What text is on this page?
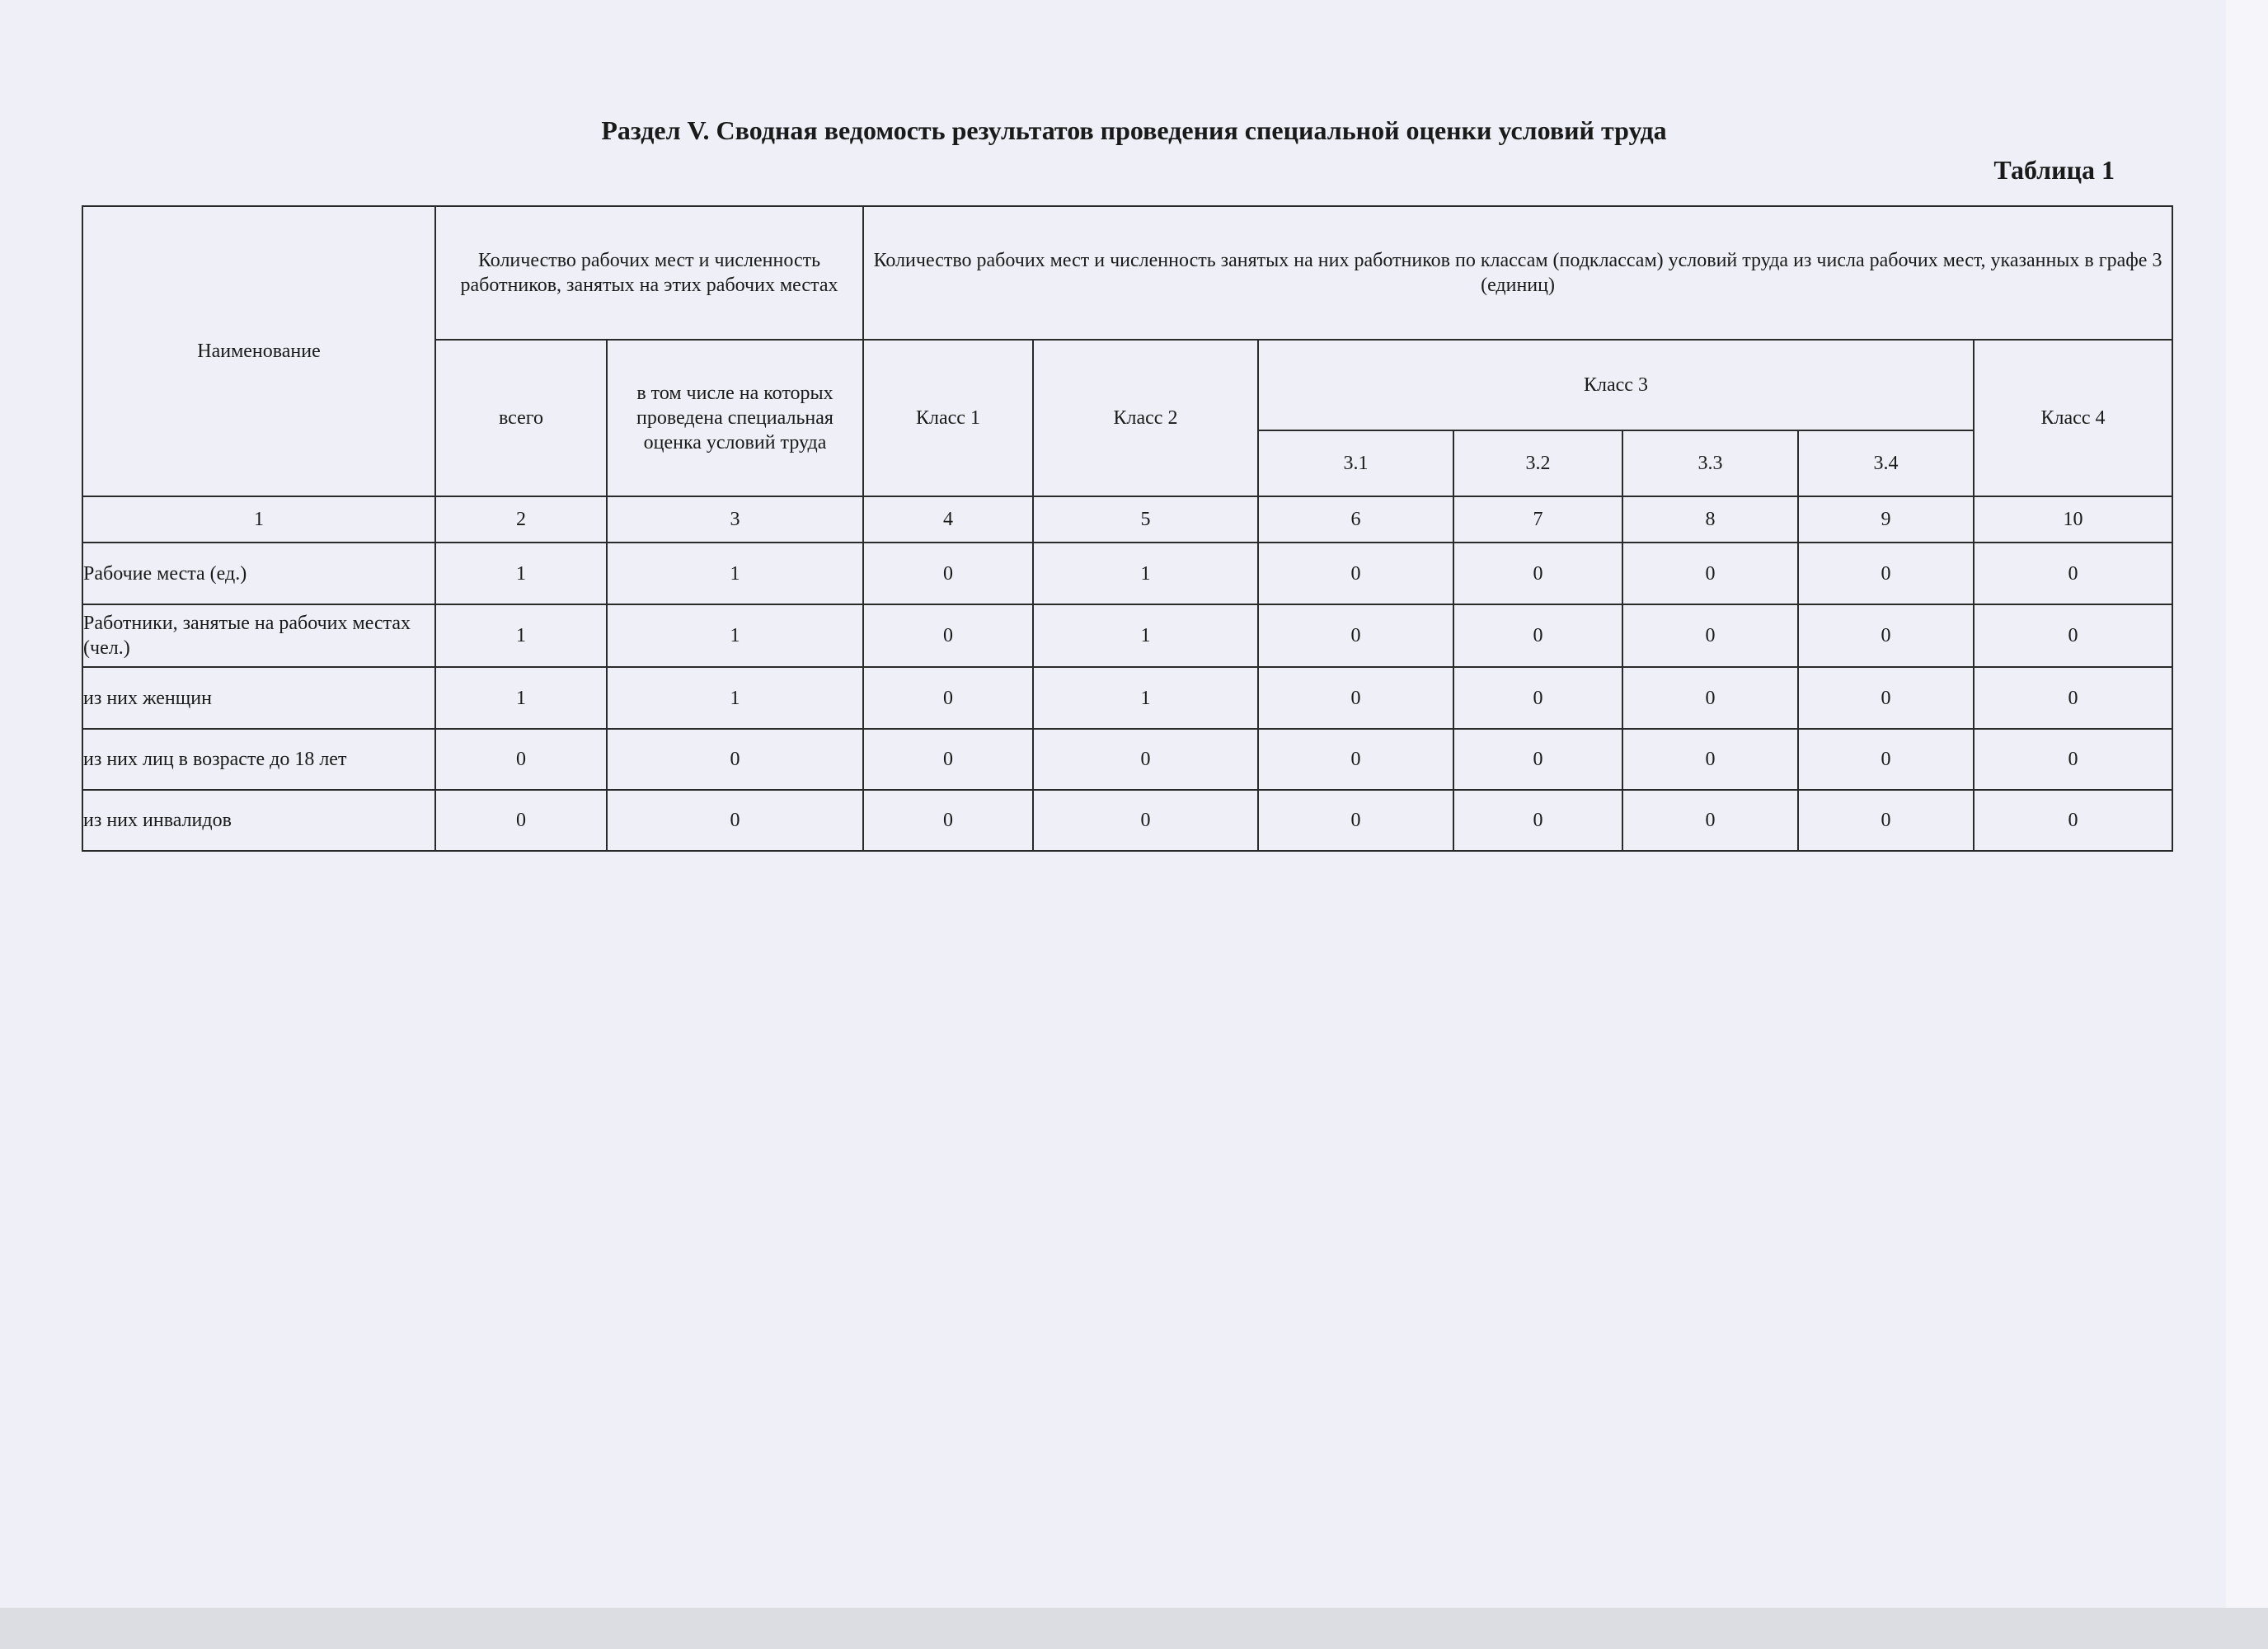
Раздел V. Сводная ведомость результатов проведения специальной оценки условий труда
Таблица 1
Наименование	Количество рабочих мест и численность работников, занятых на этих рабочих местах		Количество рабочих мест и численность занятых на них работников по классам (подклассам) условий труда из числа рабочих мест, указанных в графе 3 (единиц)						
	всего	в том числе на которых проведена специальная оценка условий труда	Класс 1	Класс 2	Класс 3				Класс 4
					3.1	3.2	3.3	3.4	
1	2	3	4	5	6	7	8	9	10
Рабочие места (ед.)	1	1	0	1	0	0	0	0	0
Работники, занятые на рабочих местах (чел.)	1	1	0	1	0	0	0	0	0
из них женщин	1	1	0	1	0	0	0	0	0
из них лиц в возрасте до 18 лет	0	0	0	0	0	0	0	0	0
из них инвалидов	0	0	0	0	0	0	0	0	0
